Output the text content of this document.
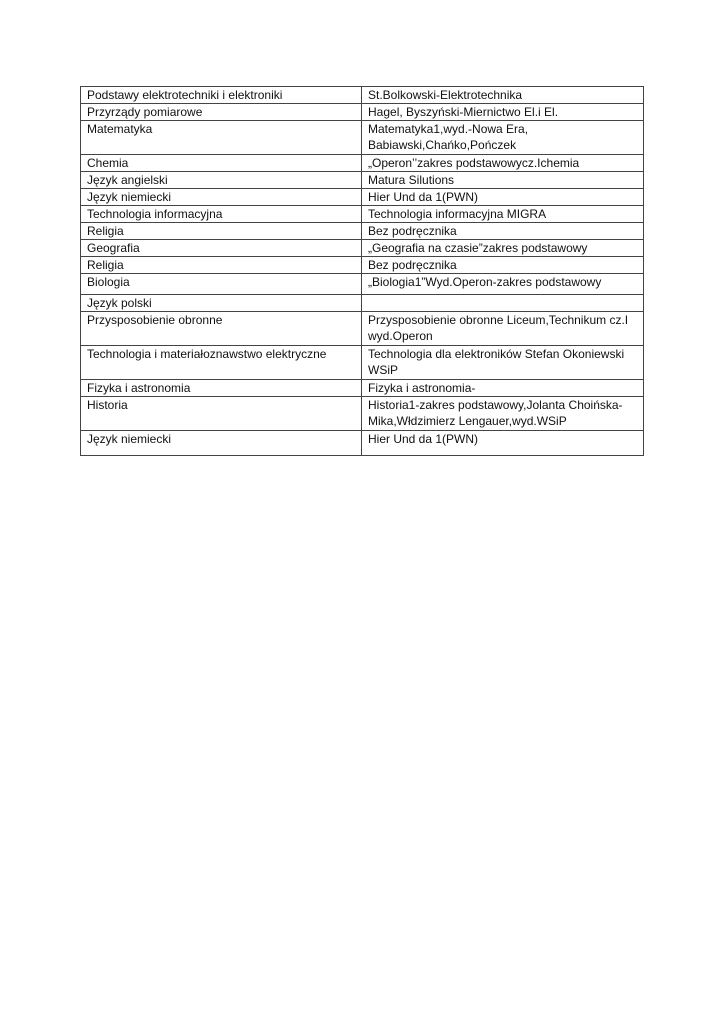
Podstawy elektrotechniki i elektroniki	St.Bolkowski-Elektrotechnika
Przyrządy pomiarowe	Hagel, Byszyński-Miernictwo El.i El.
Matematyka	Matematyka1,wyd.-Nowa Era, Babiawski,Chańko,Pończek
Chemia	„Operon’’zakres podstawowycz.Ichemia
Język angielski	Matura Silutions
Język niemiecki	Hier Und da 1(PWN)
Technologia informacyjna	Technologia informacyjna MIGRA
Religia	Bez podręcznika
Geografia	„Geografia na czasie”zakres podstawowy
Religia	Bez podręcznika
Biologia	„Biologia1”Wyd.Operon-zakres podstawowy
Język polski	
Przysposobienie obronne	Przysposobienie obronne Liceum,Technikum cz.I wyd.Operon
Technologia i materiałoznawstwo elektryczne	Technologia dla elektroników Stefan Okoniewski WSiP
Fizyka i astronomia	Fizyka i astronomia-
Historia	Historia1-zakres podstawowy,Jolanta Choińska-Mika,Włdzimierz Lengauer,wyd.WSiP
Język niemiecki	Hier Und da 1(PWN)
